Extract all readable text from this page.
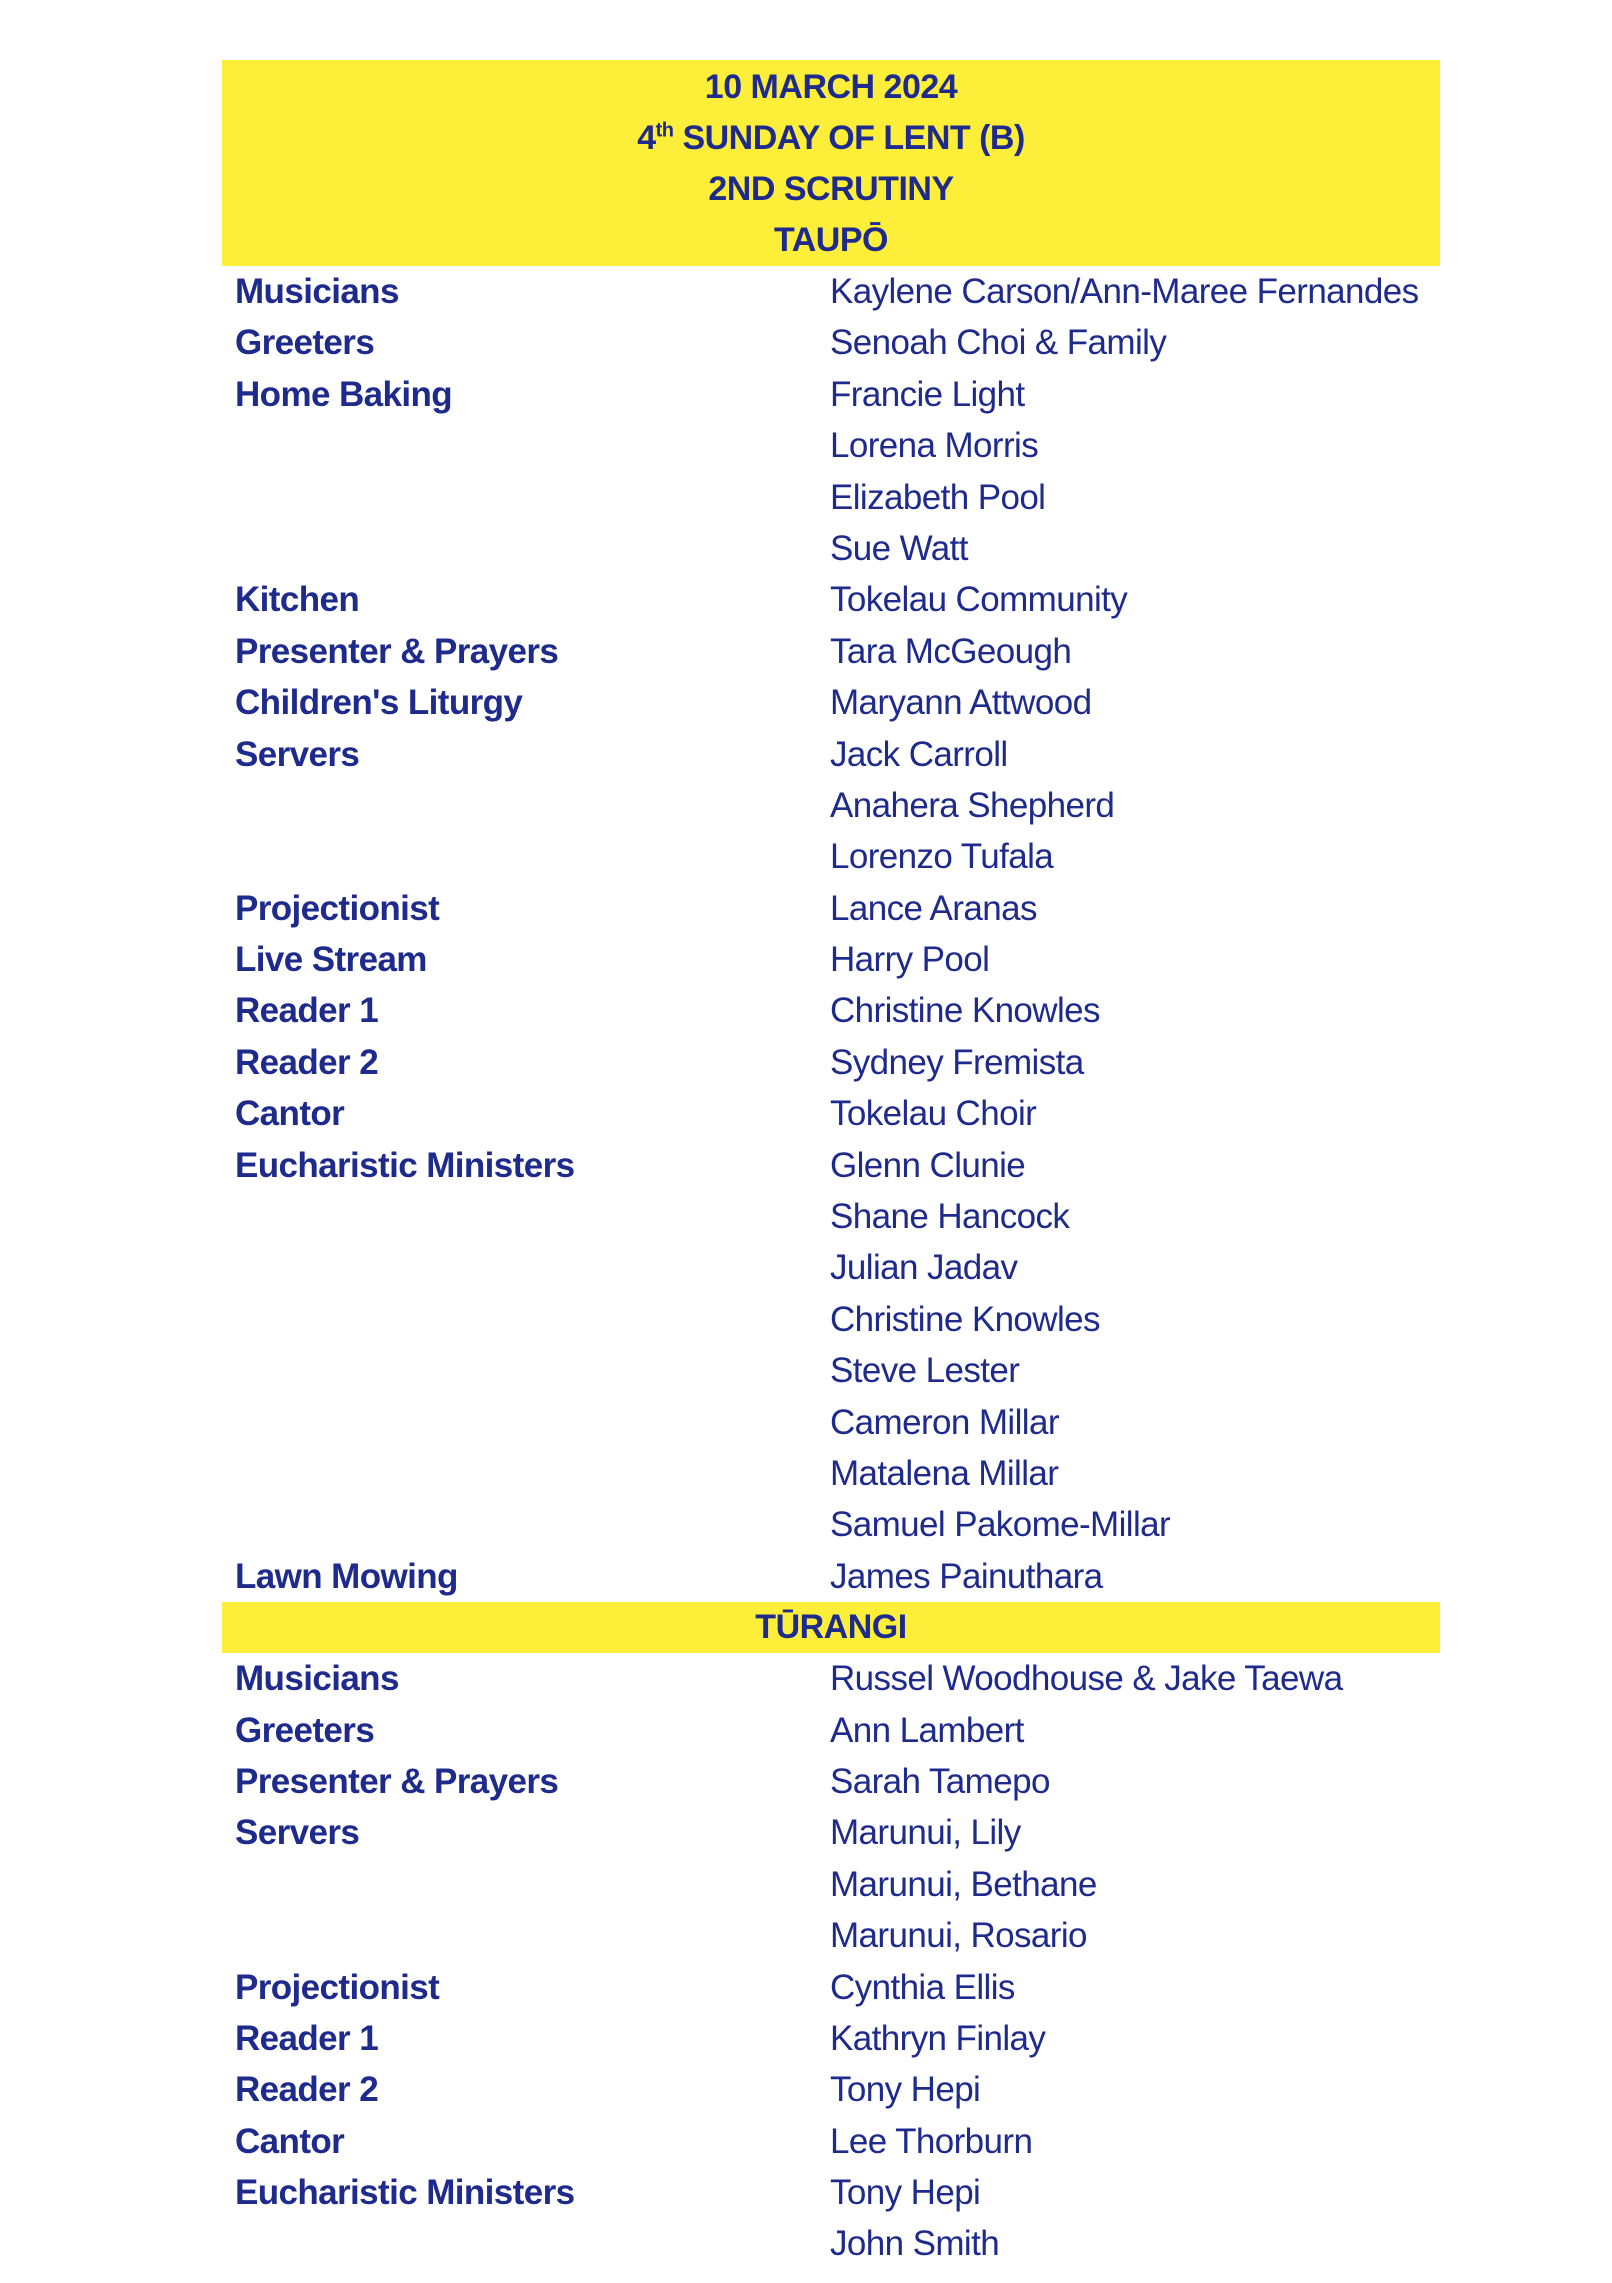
10 MARCH 2024
4th SUNDAY OF LENT (B)
2ND SCRUTINY
TAUPŌ
Musicians	Kaylene Carson/Ann-Maree Fernandes
Greeters	Senoah Choi & Family
Home Baking	Francie Light
Lorena Morris
Elizabeth Pool
Sue Watt
Kitchen	Tokelau Community
Presenter & Prayers	Tara McGeough
Children's Liturgy	Maryann Attwood
Servers	Jack Carroll
Anahera Shepherd
Lorenzo Tufala
Projectionist	Lance Aranas
Live Stream	Harry Pool
Reader 1	Christine Knowles
Reader 2	Sydney Fremista
Cantor	Tokelau Choir
Eucharistic Ministers	Glenn Clunie
Shane Hancock
Julian Jadav
Christine Knowles
Steve Lester
Cameron Millar
Matalena Millar
Samuel Pakome-Millar
Lawn Mowing	James Painuthara
TŪRANGI
Musicians	Russel Woodhouse & Jake Taewa
Greeters	Ann Lambert
Presenter & Prayers	Sarah Tamepo
Servers	Marunui, Lily
Marunui, Bethane
Marunui, Rosario
Projectionist	Cynthia Ellis
Reader 1	Kathryn Finlay
Reader 2	Tony Hepi
Cantor	Lee Thorburn
Eucharistic Ministers	Tony Hepi
John Smith
